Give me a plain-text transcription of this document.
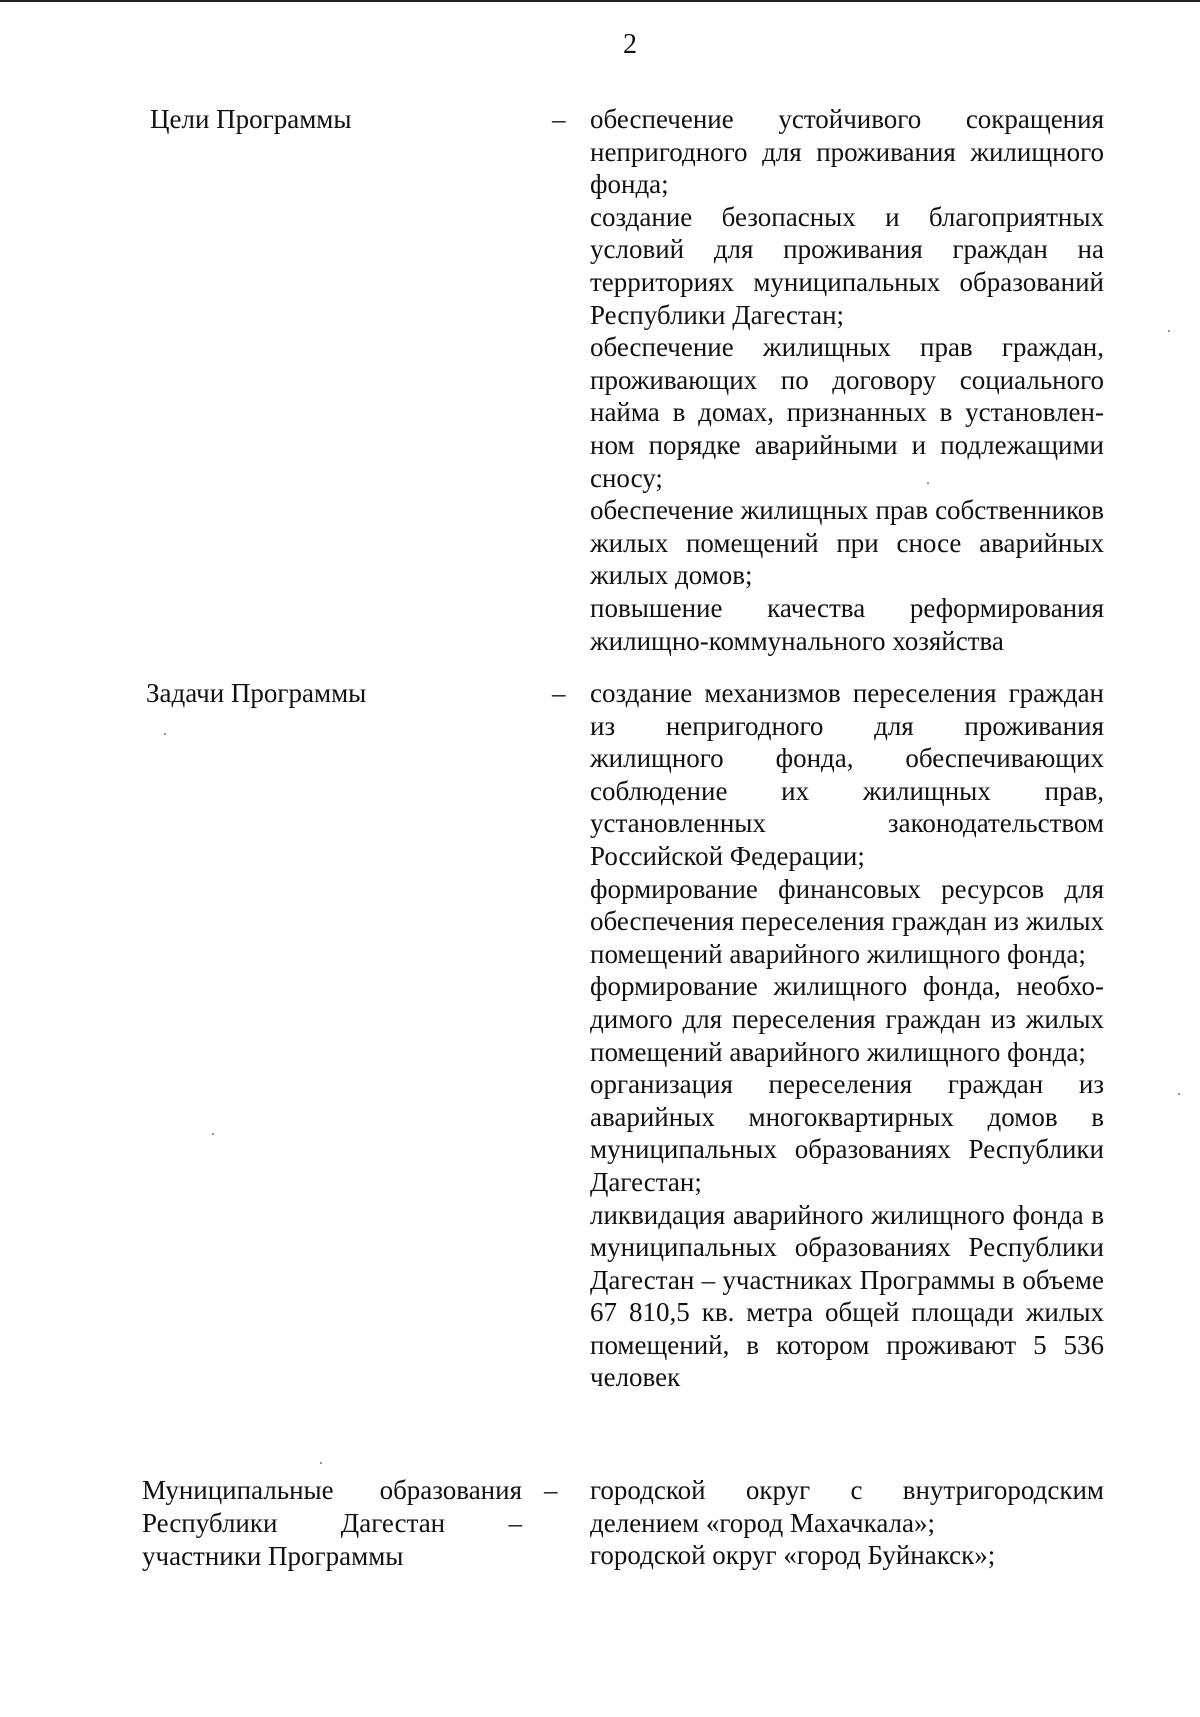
2
Цели Программы	– обеспечение устойчивого сокращения непригодного для проживания жилищного фонда;

создание безопасных и благоприятных условий для проживания граждан на территориях муниципальных образований Республики Дагестан;

обеспечение жилищных прав граждан, проживающих по договору социального найма в домах, признанных в установленном порядке аварийными и подлежащими сносу;

обеспечение жилищных прав собственников жилых помещений при сносе аварийных жилых домов;

повышение качества реформирования жилищно-коммунального хозяйства

Задачи Программы	– создание механизмов переселения граждан из непригодного для проживания жилищного фонда, обеспечивающих соблюдение их жилищных прав, установленных законодательством Российской Федерации;

формирование финансовых ресурсов для обеспечения переселения граждан из жилых помещений аварийного жилищного фонда;

формирование жилищного фонда, необходимого для переселения граждан из жилых помещений аварийного жилищного фонда;

организация переселения граждан из аварийных многоквартирных домов в муниципальных образованиях Республики Дагестан;

ликвидация аварийного жилищного фонда в муниципальных образованиях Республики Дагестан – участниках Программы в объеме 67 810,5 кв. метра общей площади жилых помещений, в котором проживают 5 536 человек

Муниципальные образования
Республики Дагестан –
участники Программы
– городской округ с внутригородским делением «город Махачкала»;

городской округ «город Буйнакск»;
